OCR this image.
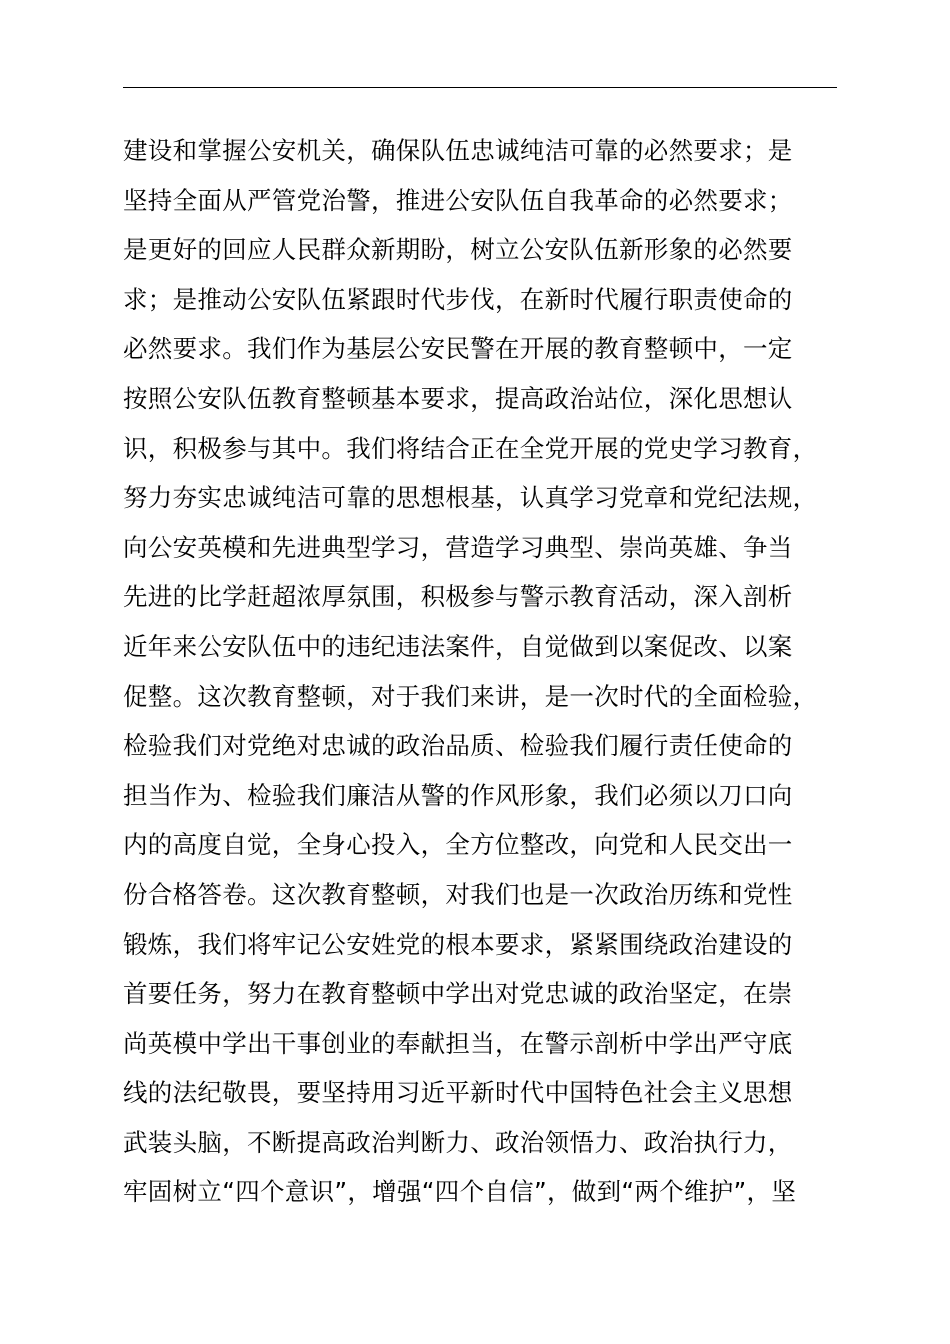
建设和掌握公安机关，确保队伍忠诚纯洁可靠的必然要求；是
坚持全面从严管党治警，推进公安队伍自我革命的必然要求；
是更好的回应人民群众新期盼，树立公安队伍新形象的必然要
求；是推动公安队伍紧跟时代步伐，在新时代履行职责使命的
必然要求。我们作为基层公安民警在开展的教育整顿中，一定
按照公安队伍教育整顿基本要求，提高政治站位，深化思想认
识，积极参与其中。我们将结合正在全党开展的党史学习教育，
努力夯实忠诚纯洁可靠的思想根基，认真学习党章和党纪法规，
向公安英模和先进典型学习，营造学习典型、崇尚英雄、争当
先进的比学赶超浓厚氛围，积极参与警示教育活动，深入剖析
近年来公安队伍中的违纪违法案件，自觉做到以案促改、以案
促整。这次教育整顿，对于我们来讲，是一次时代的全面检验，
检验我们对党绝对忠诚的政治品质、检验我们履行责任使命的
担当作为、检验我们廉洁从警的作风形象，我们必须以刀口向
内的高度自觉，全身心投入，全方位整改，向党和人民交出一
份合格答卷。这次教育整顿，对我们也是一次政治历练和党性
锻炼，我们将牢记公安姓党的根本要求，紧紧围绕政治建设的
首要任务，努力在教育整顿中学出对党忠诚的政治坚定，在崇
尚英模中学出干事创业的奉献担当，在警示剖析中学出严守底
线的法纪敬畏，要坚持用习近平新时代中国特色社会主义思想
武装头脑，不断提高政治判断力、政治领悟力、政治执行力，
牢固树立“四个意识”，增强“四个自信”，做到“两个维护”，坚
